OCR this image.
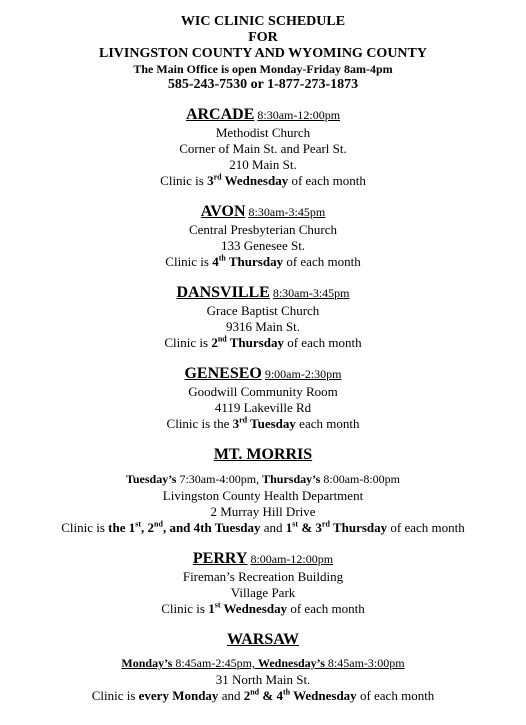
WIC CLINIC SCHEDULE
FOR
LIVINGSTON COUNTY AND WYOMING COUNTY
The Main Office is open Monday-Friday 8am-4pm
585-243-7530 or 1-877-273-1873
ARCADE 8:30am-12:00pm
Methodist Church
Corner of Main St. and Pearl St.
210 Main St.
Clinic is 3rd Wednesday of each month
AVON 8:30am-3:45pm
Central Presbyterian Church
133 Genesee St.
Clinic is 4th Thursday of each month
DANSVILLE 8:30am-3:45pm
Grace Baptist Church
9316 Main St.
Clinic is 2nd Thursday of each month
GENESEO 9:00am-2:30pm
Goodwill Community Room
4119 Lakeville Rd
Clinic is the 3rd Tuesday each month
MT. MORRIS
Tuesday’s 7:30am-4:00pm, Thursday’s 8:00am-8:00pm
Livingston County Health Department
2 Murray Hill Drive
Clinic is the 1st, 2nd, and 4th Tuesday and 1st & 3rd Thursday of each month
PERRY 8:00am-12:00pm
Fireman’s Recreation Building
Village Park
Clinic is 1st Wednesday of each month
WARSAW
Monday’s 8:45am-2:45pm, Wednesday’s 8:45am-3:00pm
31 North Main St.
Clinic is every Monday and 2nd & 4th Wednesday of each month
